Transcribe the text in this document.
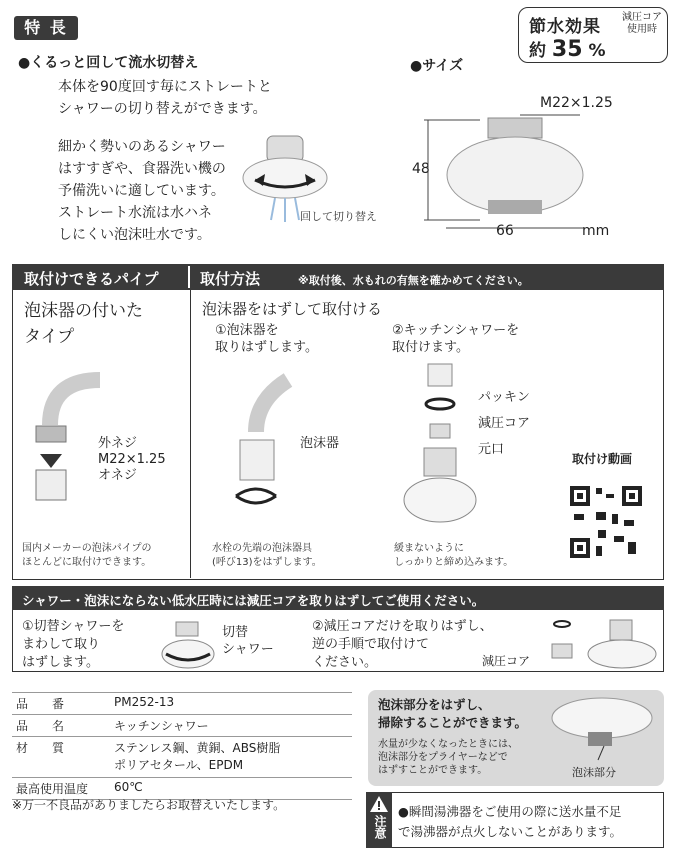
特 長	節水効果
約 35 %
減圧コア使用時
●くるっと回して流水切替え
本体を90度回す毎にストレートと
シャワーの切り替えができます。
細かく勢いのあるシャワー
はすすぎや、食器洗い機の
予備洗いに適しています。
ストレート水流は水ハネ
しにくい泡沫吐水です。
回して切り替え
●サイズ
M22×1.25
48
66	mm
取付けできるパイプ	取付方法	※取付後、水もれの有無を確かめてください。
泡沫器の付いた
タイプ
外ネジ
M22×1.25
オネジ
国内メーカーの泡沫パイプの
ほとんどに取付けできます。
泡沫器をはずして取付ける
①泡沫器を
取りはずします。
泡沫器
水栓の先端の泡沫器具
(呼び13)をはずします。
②キッチンシャワーを
取付けます。
パッキン
減圧コア
元口
緩まないように
しっかりと締め込みます。
取付け動画
シャワー・泡沫にならない低水圧時には減圧コアを取りはずしてご使用ください。
①切替シャワーを
まわして取り
はずします。
切替
シャワー
②減圧コアだけを取りはずし、
逆の手順で取付けて
ください。	減圧コア
品　　番	PM252-13
品　　名	キッチンシャワー
材　　質	ステンレス鋼、黄銅、ABS樹脂
ポリアセタール、EPDM
最高使用温度	60℃
※万一不良品がありましたらお取替えいたします。
泡沫部分をはずし、
掃除することができます。
水量が少なくなったときには、
泡沫部分をプライヤーなどで
はずすことができます。	泡沫部分
注意
●瞬間湯沸器をご使用の際に送水量不足
で湯沸器が点火しないことがあります。
